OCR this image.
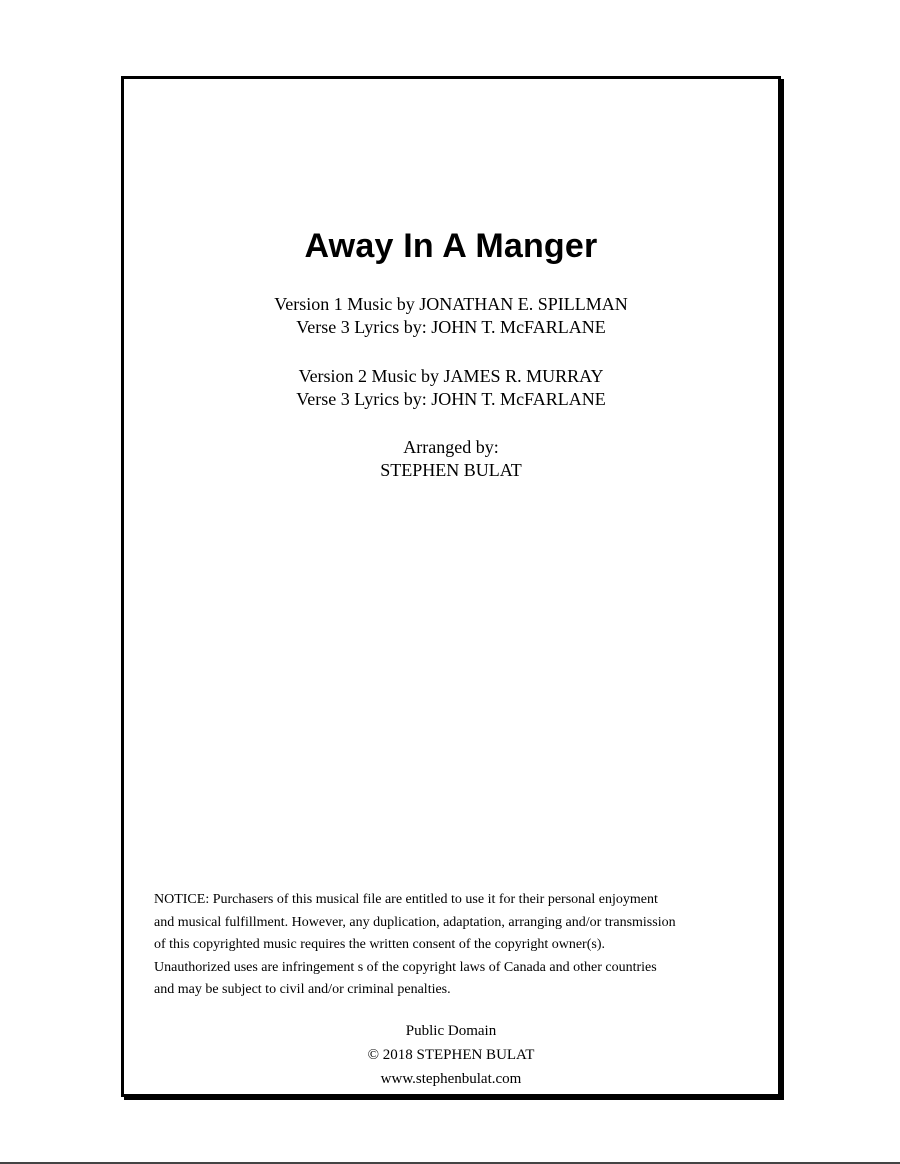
Away In A Manger
Version 1 Music by JONATHAN E. SPILLMAN
Verse 3 Lyrics by: JOHN T. McFARLANE
Version 2 Music by JAMES R. MURRAY
Verse 3 Lyrics by: JOHN T. McFARLANE
Arranged by:
STEPHEN BULAT
NOTICE: Purchasers of this musical file are entitled to use it for their personal enjoyment
and musical fulfillment. However, any duplication, adaptation, arranging and/or transmission
of this copyrighted music requires the written consent of the copyright owner(s).
Unauthorized uses are infringement s of the copyright laws of Canada and other countries
and may be subject to civil and/or criminal penalties.
Public Domain
© 2018 STEPHEN BULAT
www.stephenbulat.com
